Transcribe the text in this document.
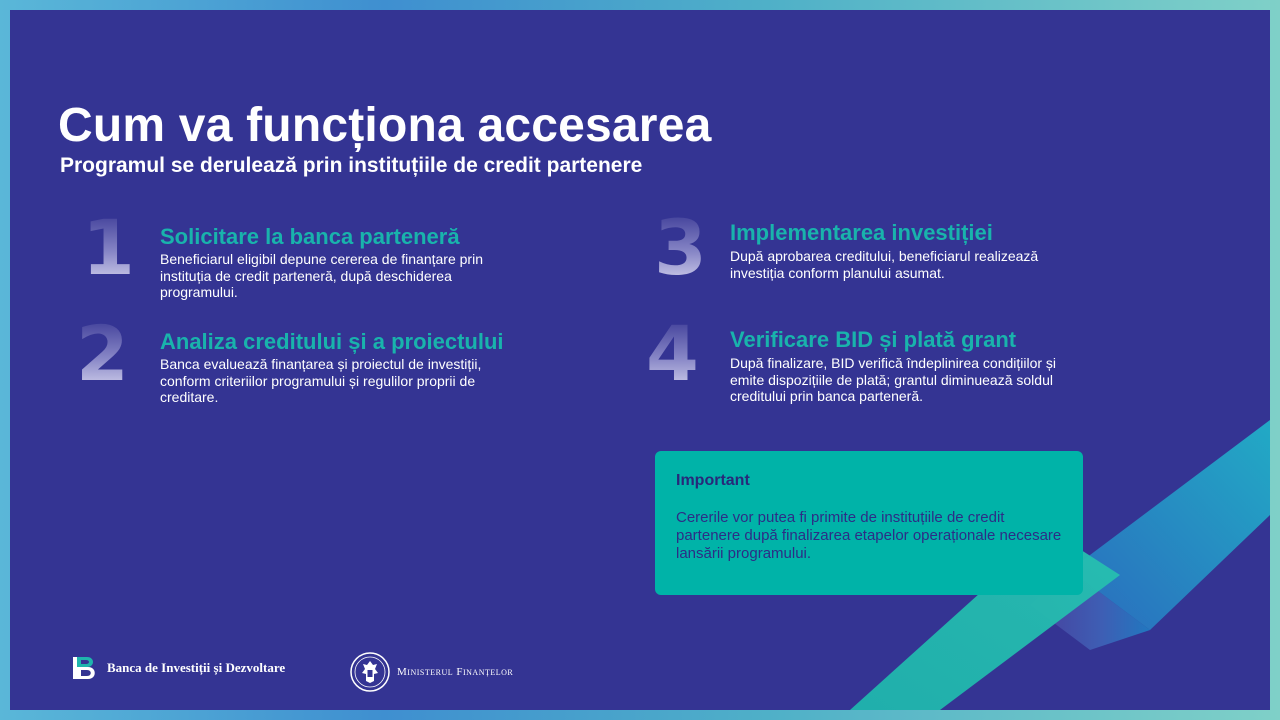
Cum va funcționa accesarea
Programul se derulează prin instituțiile de credit partenere
1 Solicitare la banca parteneră

Beneficiarul eligibil depune cererea de finanțare prin instituția de credit parteneră, după deschiderea programului.

2 Analiza creditului și a proiectului

Banca evaluează finanțarea și proiectul de investiții, conform criteriilor programului și regulilor proprii de creditare.

3 Implementarea investiției

După aprobarea creditului, beneficiarul realizează investiția conform planului asumat.

4 Verificare BID și plată grant

După finalizare, BID verifică îndeplinirea condițiilor și emite dispozițiile de plată; grantul diminuează soldul creditului prin banca parteneră.

Important

Cererile vor putea fi primite de instituțiile de credit partenere după finalizarea etapelor operaționale necesare lansării programului.

Banca de Investiții și Dezvoltare	Ministerul Finanțelor
